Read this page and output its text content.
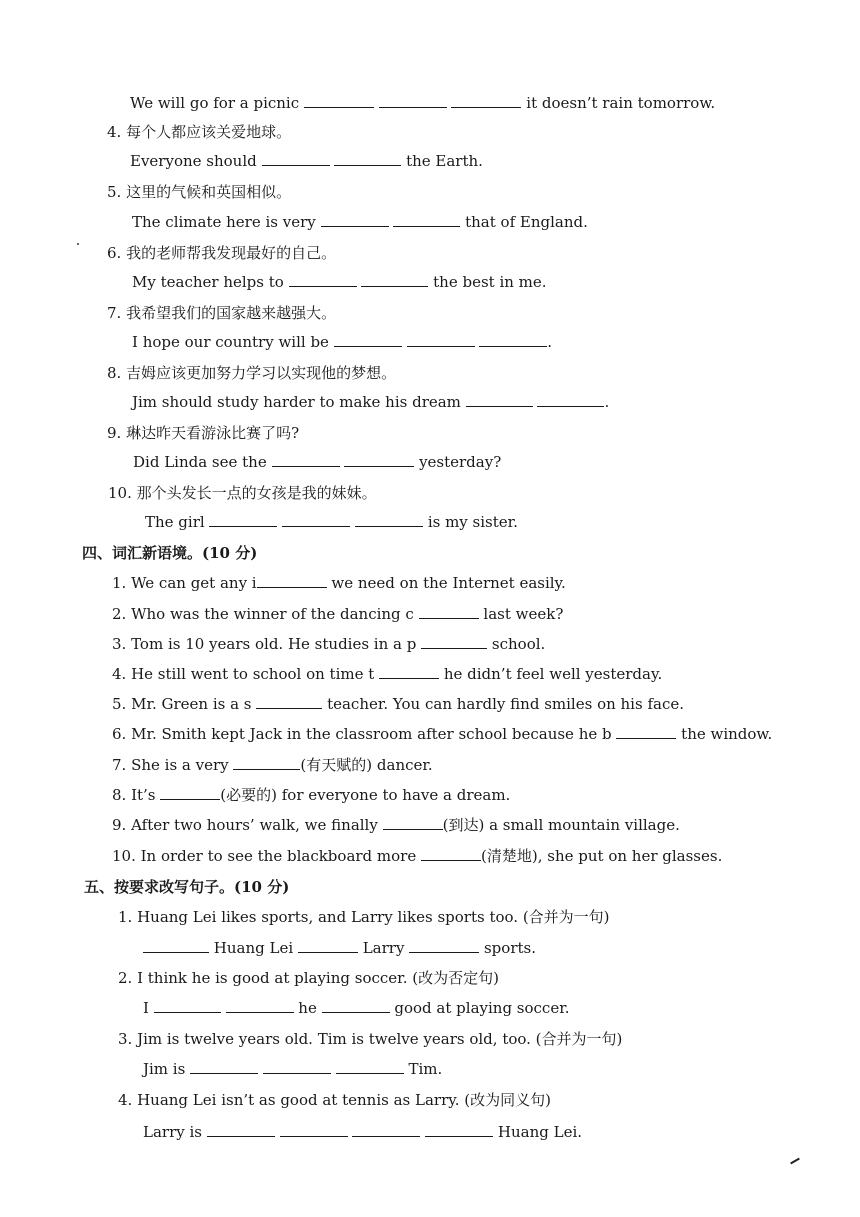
We will go for a picnic	it doesn’t rain tomorrow.
4. 每个人都应该关爱地球。
Everyone should	the Earth.
5. 这里的气候和英国相似。
The climate here is very	that of England.
6. 我的老师帮我发现最好的自己。
My teacher helps to	the best in me.
7. 我希望我们的国家越来越强大。
I hope our country will be	.
8. 吉姆应该更加努力学习以实现他的梦想。
Jim should study harder to make his dream	.
9. 琳达昨天看游泳比赛了吗?
Did Linda see the	yesterday?
10. 那个头发长一点的女孩是我的妹妹。
The girl	is my sister.
四、词汇新语境。(10 分)
1. We can get any i	we need on the Internet easily.
2. Who was the winner of the dancing c	last week?
3. Tom is 10 years old. He studies in a p	school.
4. He still went to school on time t	he didn’t feel well yesterday.
5. Mr. Green is a s	teacher. You can hardly find smiles on his face.
6. Mr. Smith kept Jack in the classroom after school because he b	the window.
7. She is a very	(有天赋的) dancer.
8. It’s	(必要的) for everyone to have a dream.
9. After two hours’ walk, we finally	(到达) a small mountain village.
10. In order to see the blackboard more	(清楚地), she put on her glasses.
五、按要求改写句子。(10 分)
1. Huang Lei likes sports, and Larry likes sports too. (合并为一句)
Huang Lei	Larry	sports.
2. I think he is good at playing soccer. (改为否定句)
I	he	good at playing soccer.
3. Jim is twelve years old. Tim is twelve years old, too. (合并为一句)
Jim is	Tim.
4. Huang Lei isn’t as good at tennis as Larry. (改为同义句)
Larry is	Huang Lei.
